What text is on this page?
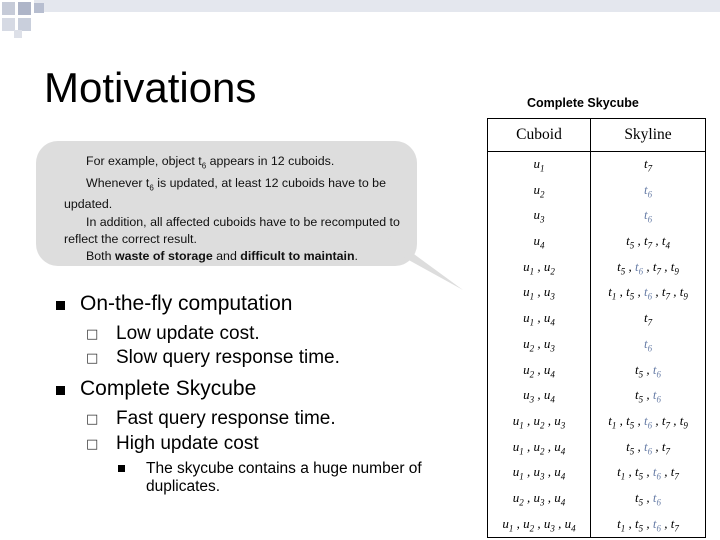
Motivations

For example, object $t_6$ appears in 12 cuboids.

Whenever $t_6$ is updated, at least 12 cuboids have to be updated.

In addition, all affected cuboids have to be recomputed to reflect the correct result.

Both waste of storage and difficult to maintain.

On-the-fly computation
□ Low update cost.
□ Slow query response time.
Complete Skycube
□ Fast query response time.
□ High update cost
The skycube contains a huge number of duplicates.
Complete Skycube
Cuboid	Skyline
$u_1$	$t_7$
$u_2$	$t_6$
$u_3$	$t_6$
$u_4$	$t_5$ , $t_7$ , $t_4$
$u_1$ , $u_2$	$t_5$ , $t_6$ , $t_7$ , $t_9$
$u_1$ , $u_3$	$t_1$ , $t_5$ , $t_6$ , $t_7$ , $t_9$
$u_1$ , $u_4$	$t_7$
$u_2$ , $u_3$	$t_6$
$u_2$ , $u_4$	$t_5$ , $t_6$
$u_3$ , $u_4$	$t_5$ , $t_6$
$u_1$ , $u_2$ , $u_3$	$t_1$ , $t_5$ , $t_6$ , $t_7$ , $t_9$
$u_1$ , $u_2$ , $u_4$	$t_5$ , $t_6$ , $t_7$
$u_1$ , $u_3$ , $u_4$	$t_1$ , $t_5$ , $t_6$ , $t_7$
$u_2$ , $u_3$ , $u_4$	$t_5$ , $t_6$
$u_1$ , $u_2$ , $u_3$ , $u_4$	$t_1$ , $t_5$ , $t_6$ , $t_7$
